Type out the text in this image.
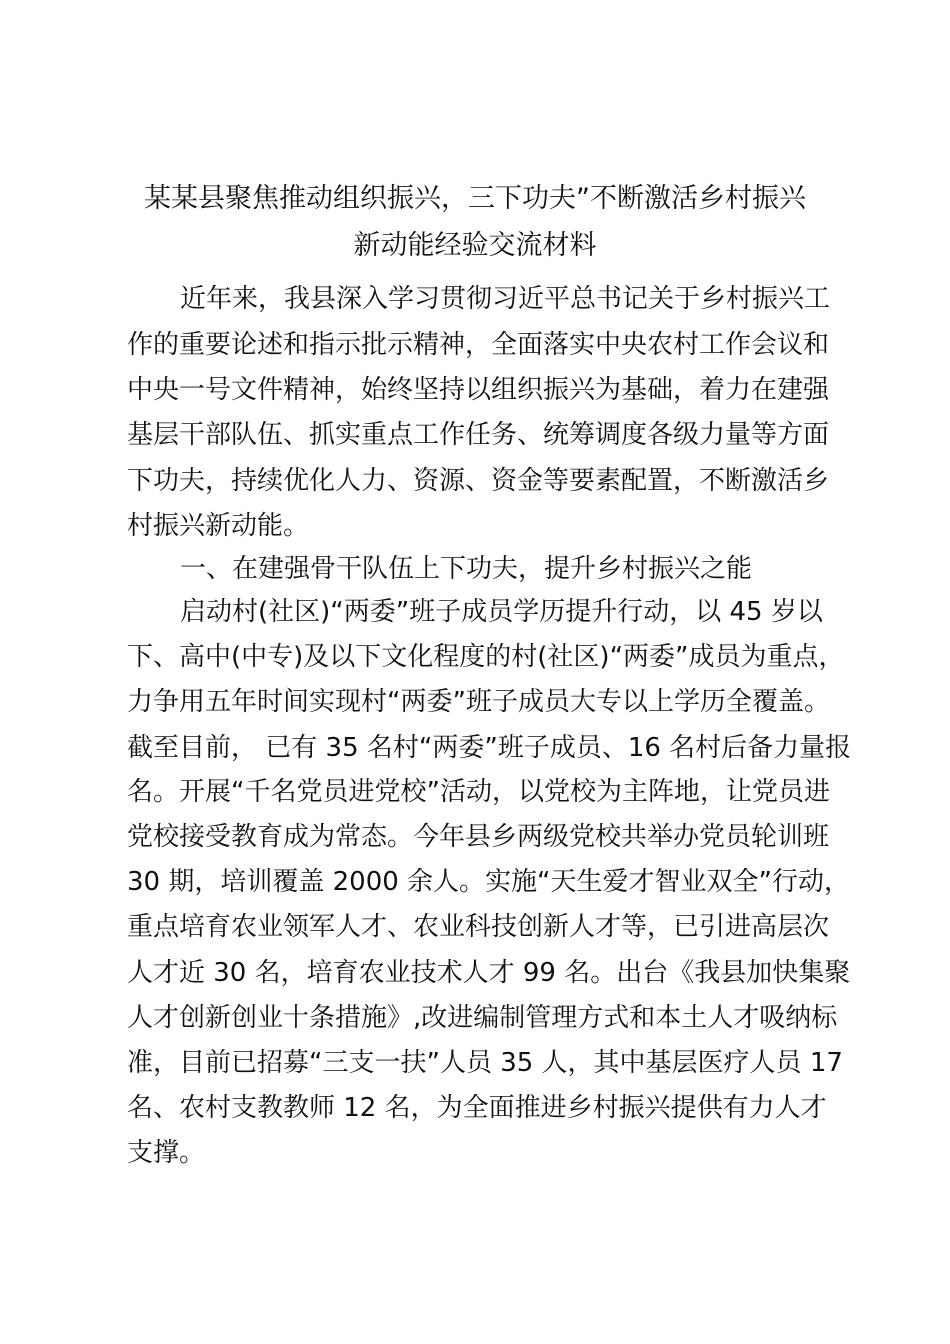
某某县聚焦推动组织振兴，三下功夫”不断激活乡村振兴
新动能经验交流材料

近年来，我县深入学习贯彻习近平总书记关于乡村振兴工

作的重要论述和指示批示精神，全面落实中央农村工作会议和

中央一号文件精神，始终坚持以组织振兴为基础，着力在建强

基层干部队伍、抓实重点工作任务、统筹调度各级力量等方面

下功夫，持续优化人力、资源、资金等要素配置，不断激活乡

村振兴新动能。

一、在建强骨干队伍上下功夫，提升乡村振兴之能

启动村(社区)“两委”班子成员学历提升行动，以 45 岁以

下、高中(中专)及以下文化程度的村(社区)“两委”成员为重点，

力争用五年时间实现村“两委”班子成员大专以上学历全覆盖。

截至目前， 已有 35 名村“两委”班子成员、16 名村后备力量报

名。开展“千名党员进党校”活动，以党校为主阵地，让党员进

党校接受教育成为常态。今年县乡两级党校共举办党员轮训班

30 期，培训覆盖 2000 余人。实施“天生爱才智业双全”行动，

重点培育农业领军人才、农业科技创新人才等，已引进高层次

人才近 30 名，培育农业技术人才 99 名。出台《我县加快集聚

人才创新创业十条措施》,改进编制管理方式和本土人才吸纳标

准，目前已招募“三支一扶”人员 35 人，其中基层医疗人员 17

名、农村支教教师 12 名，为全面推进乡村振兴提供有力人才

支撑。
